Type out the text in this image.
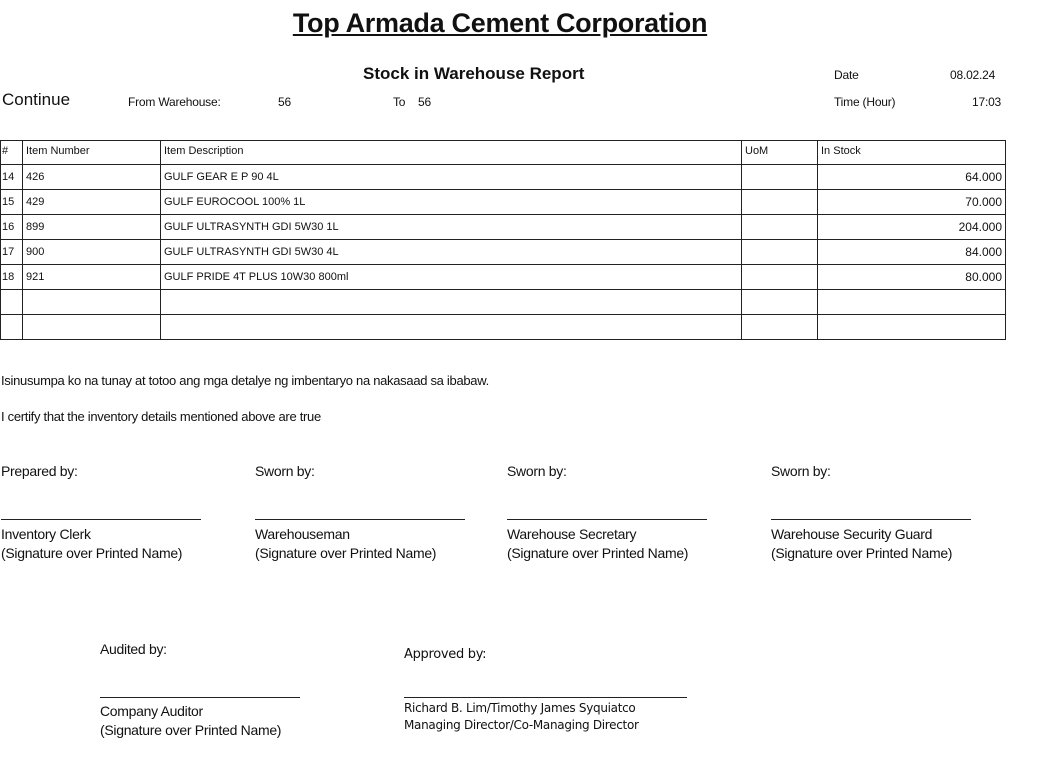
Top Armada Cement Corporation
Stock in Warehouse Report
Continue	From Warehouse:	56	To 56
Date	08.02.24
Time (Hour)	17:03
#	Item Number	Item Description	UoM	In Stock
14	426	GULF GEAR E P 90 4L		64.000
15	429	GULF EUROCOOL 100% 1L		70.000
16	899	GULF ULTRASYNTH GDI 5W30 1L		204.000
17	900	GULF ULTRASYNTH GDI 5W30 4L		84.000
18	921	GULF PRIDE 4T PLUS 10W30 800ml		80.000

Isinusumpa ko na tunay at totoo ang mga detalye ng imbentaryo na nakasaad sa ibabaw.
I certify that the inventory details mentioned above are true
Prepared by:
Inventory Clerk
(Signature over Printed Name)
Sworn by:
Warehouseman
(Signature over Printed Name)
Sworn by:
Warehouse Secretary
(Signature over Printed Name)
Sworn by:
Warehouse Security Guard
(Signature over Printed Name)
Audited by:
Company Auditor
(Signature over Printed Name)
Approved by:
Richard B. Lim/Timothy James Syquiatco
Managing Director/Co-Managing Director
